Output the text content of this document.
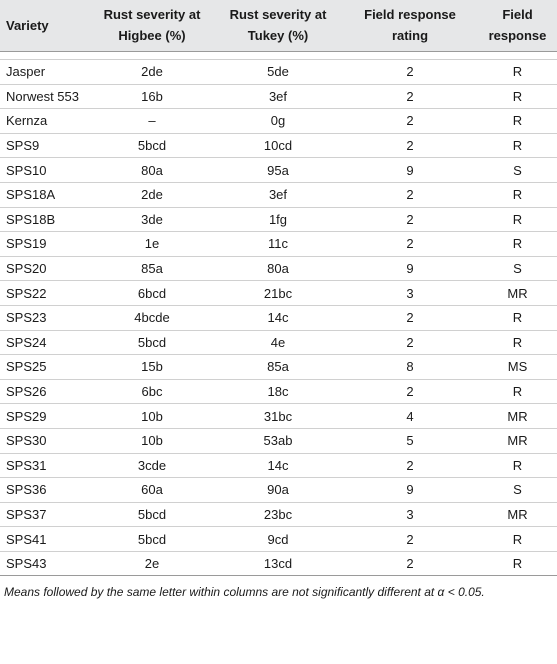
Variety	Rust severity at Higbee (%)	Rust severity at Tukey (%)	Field response rating	Field response

Jasper	2de	5de	2	R
Norwest 553	16b	3ef	2	R
Kernza	–	0g	2	R
SPS9	5bcd	10cd	2	R
SPS10	80a	95a	9	S
SPS18A	2de	3ef	2	R
SPS18B	3de	1fg	2	R
SPS19	1e	11c	2	R
SPS20	85a	80a	9	S
SPS22	6bcd	21bc	3	MR
SPS23	4bcde	14c	2	R
SPS24	5bcd	4e	2	R
SPS25	15b	85a	8	MS
SPS26	6bc	18c	2	R
SPS29	10b	31bc	4	MR
SPS30	10b	53ab	5	MR
SPS31	3cde	14c	2	R
SPS36	60a	90a	9	S
SPS37	5bcd	23bc	3	MR
SPS41	5bcd	9cd	2	R
SPS43	2e	13cd	2	R
Means followed by the same letter within columns are not significantly different at α < 0.05.
